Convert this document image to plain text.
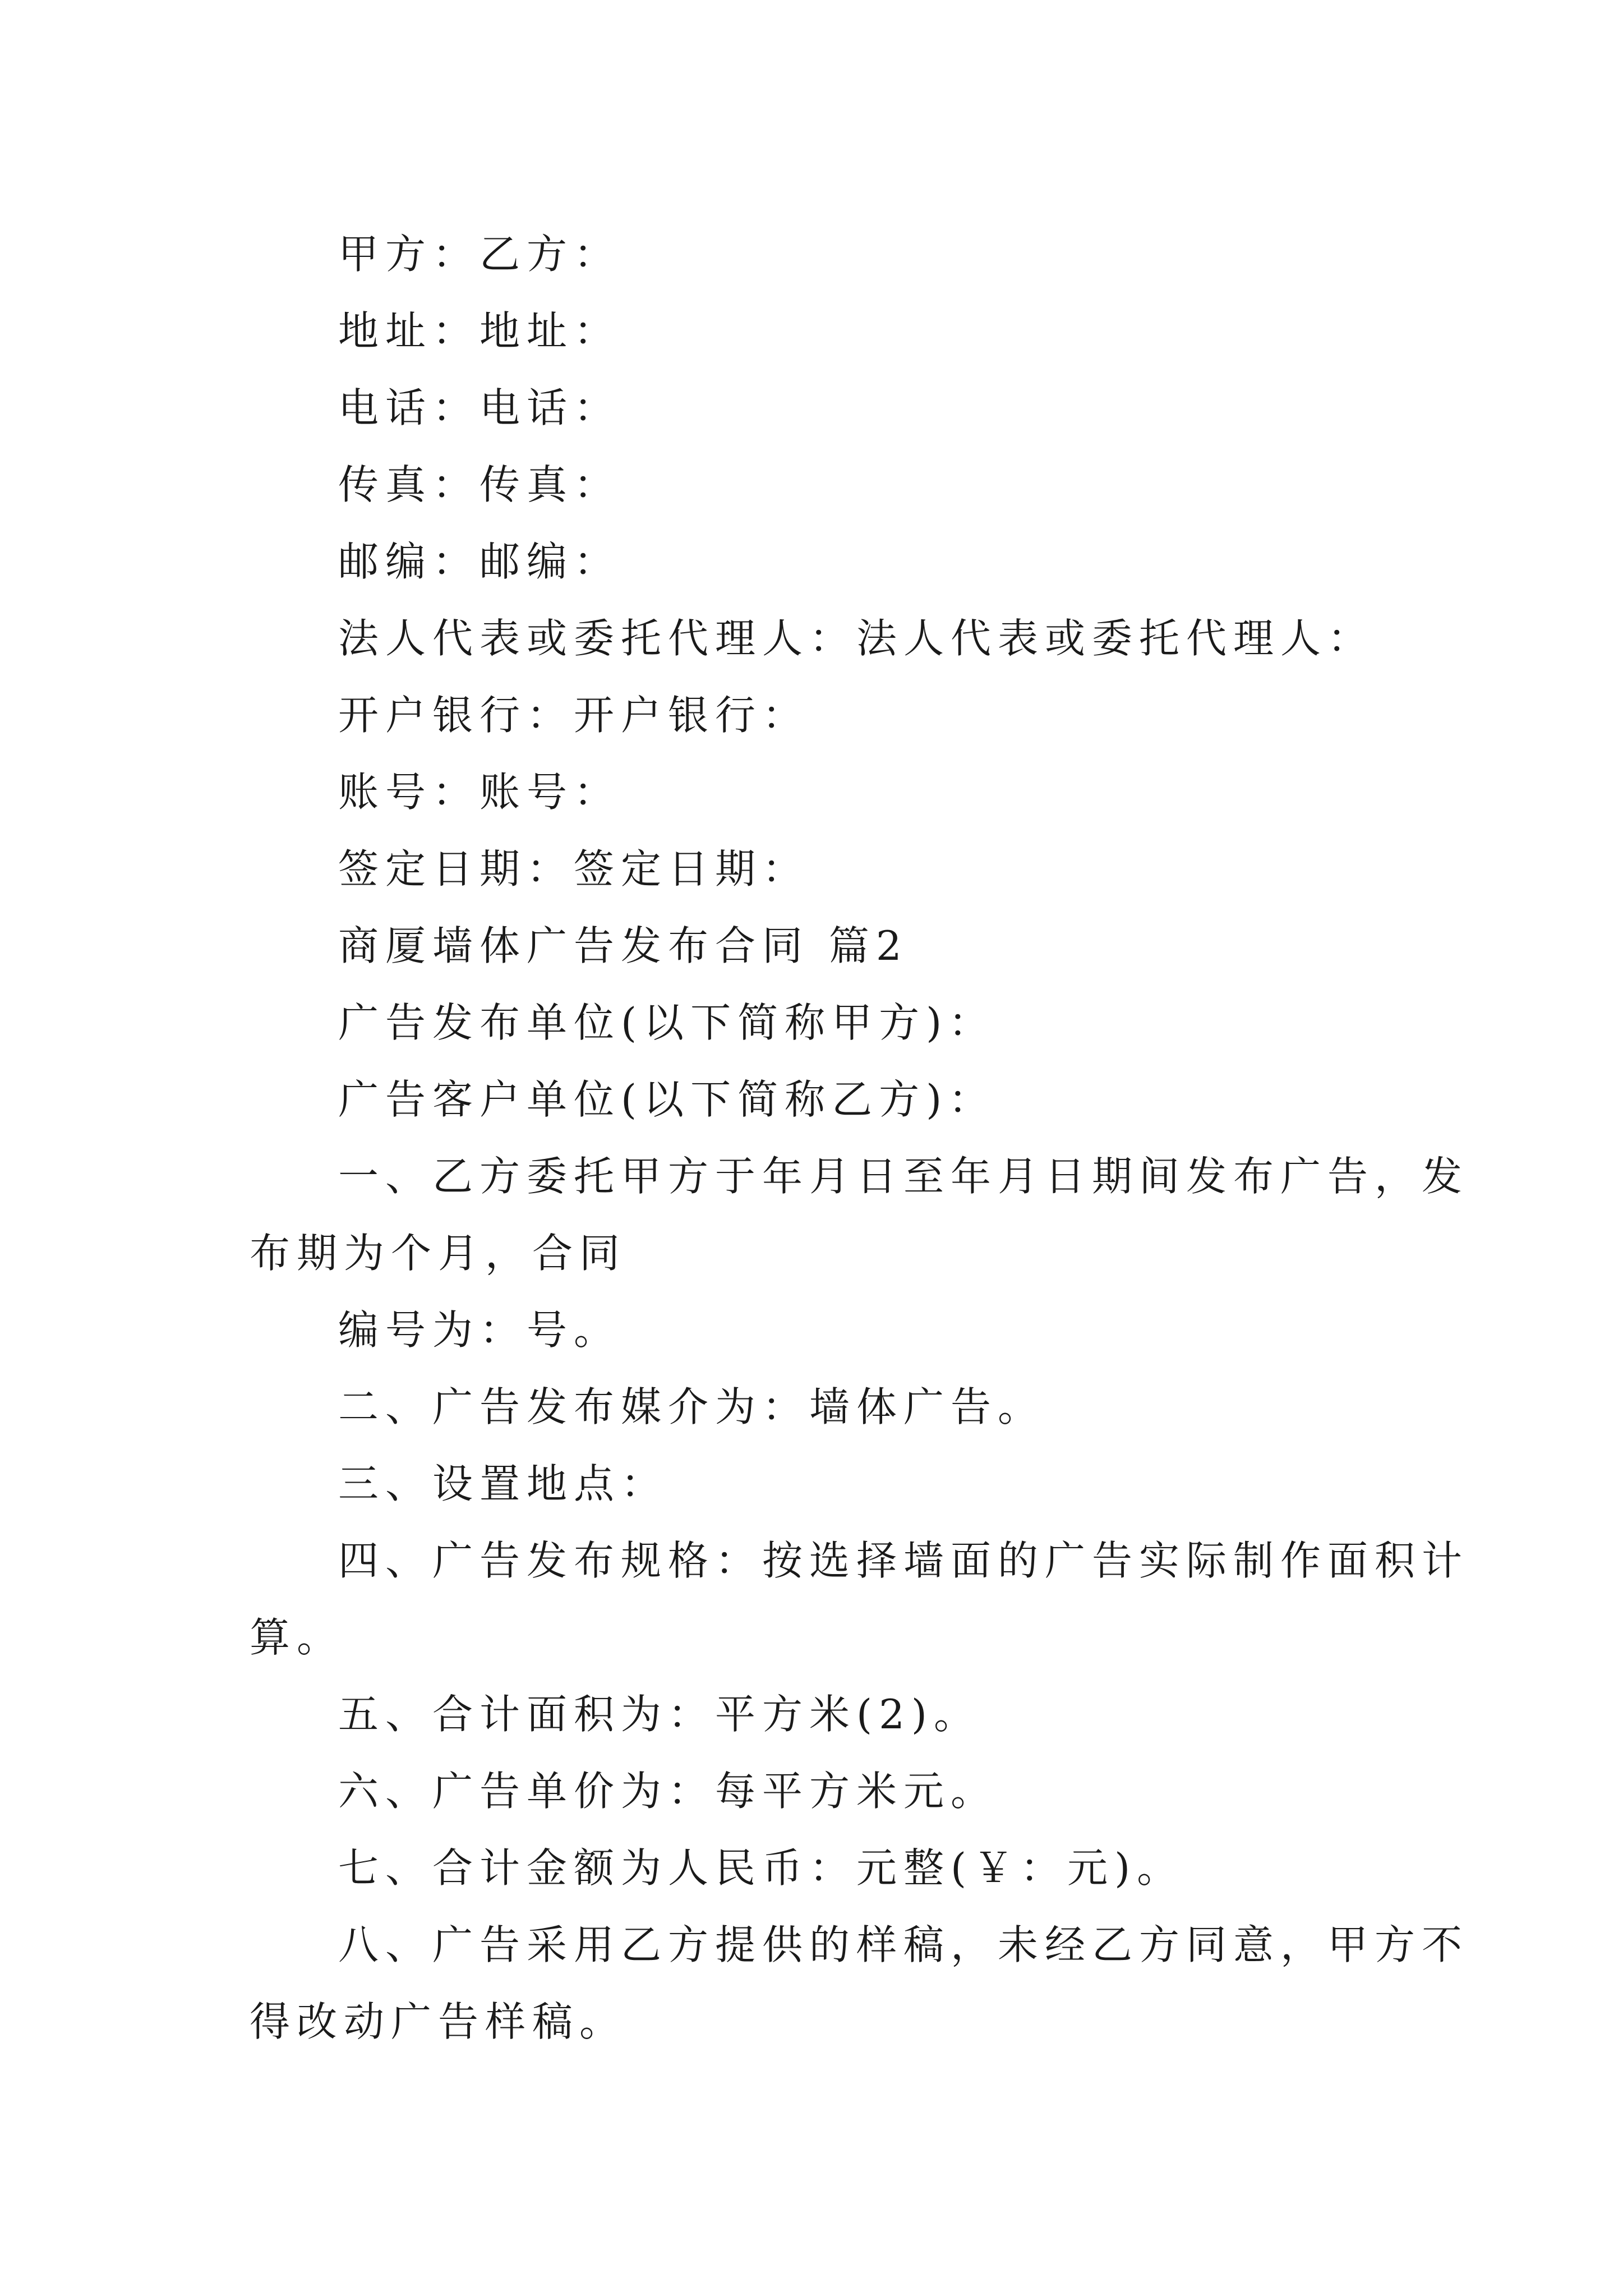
甲方：乙方：
地址：地址：
电话：电话：
传真：传真：
邮编：邮编：
法人代表或委托代理人：法人代表或委托代理人：
开户银行：开户银行：
账号：账号：
签定日期：签定日期：
商厦墙体广告发布合同 篇2
广告发布单位(以下简称甲方)：
广告客户单位(以下简称乙方)：
一、乙方委托甲方于年月日至年月日期间发布广告，发
布期为个月，合同
编号为：号。
二、广告发布媒介为：墙体广告。
三、设置地点：
四、广告发布规格：按选择墙面的广告实际制作面积计
算。
五、合计面积为：平方米(2)。
六、广告单价为：每平方米元。
七、合计金额为人民币：元整(￥：元)。
八、广告采用乙方提供的样稿，未经乙方同意，甲方不
得改动广告样稿。
